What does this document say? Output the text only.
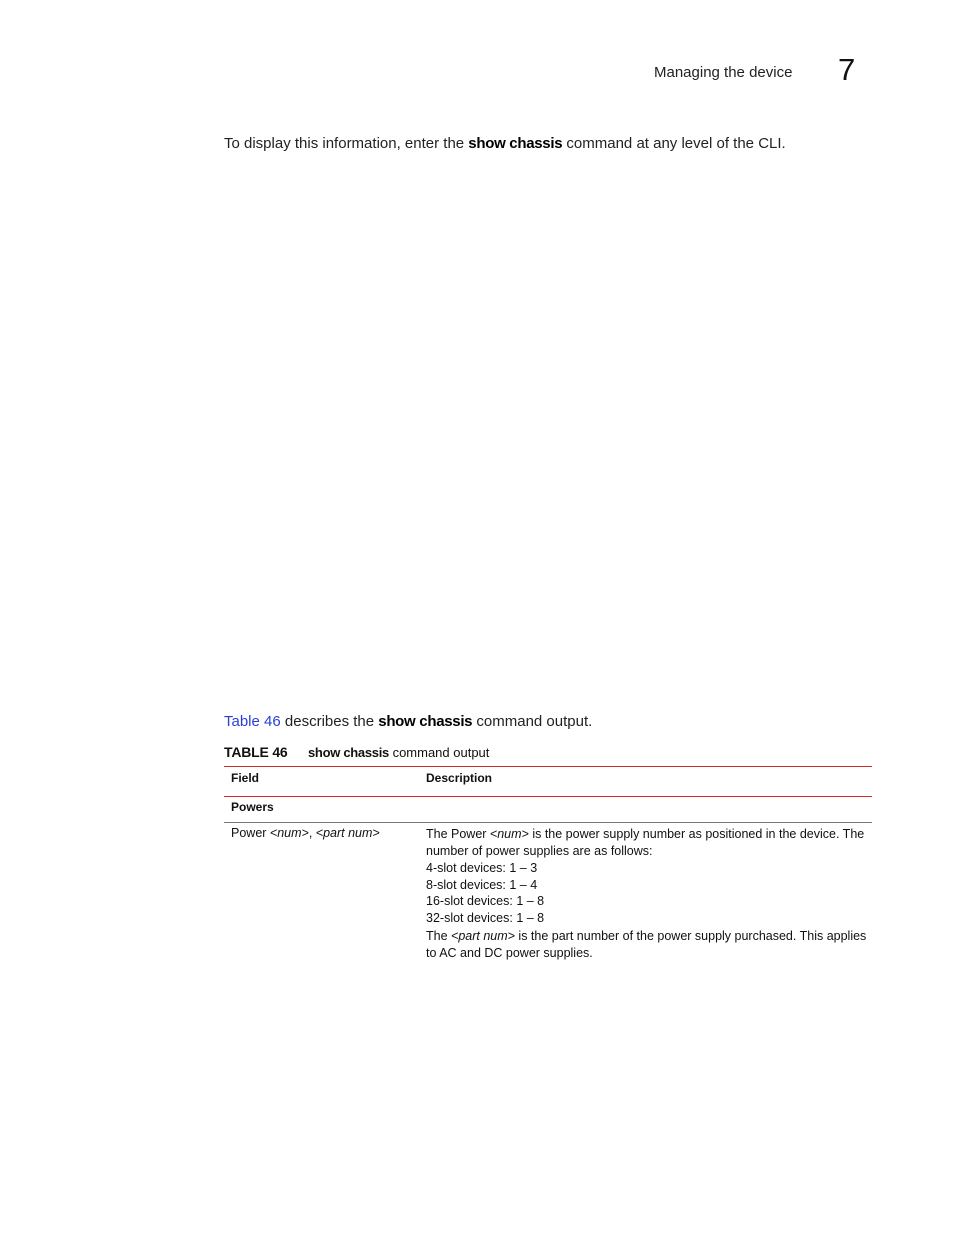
Managing the device 7
To display this information, enter the show chassis command at any level of the CLI.
Table 46 describes the show chassis command output.
TABLE 46 show chassis command output
Field	Description
Powers
Power <num>, <part num>	The Power <num> is the power supply number as positioned in the device. The number of power supplies are as follows:
4-slot devices: 1 – 3
8-slot devices: 1 – 4
16-slot devices: 1 – 8
32-slot devices: 1 – 8
The <part num> is the part number of the power supply purchased. This applies to AC and DC power supplies.
